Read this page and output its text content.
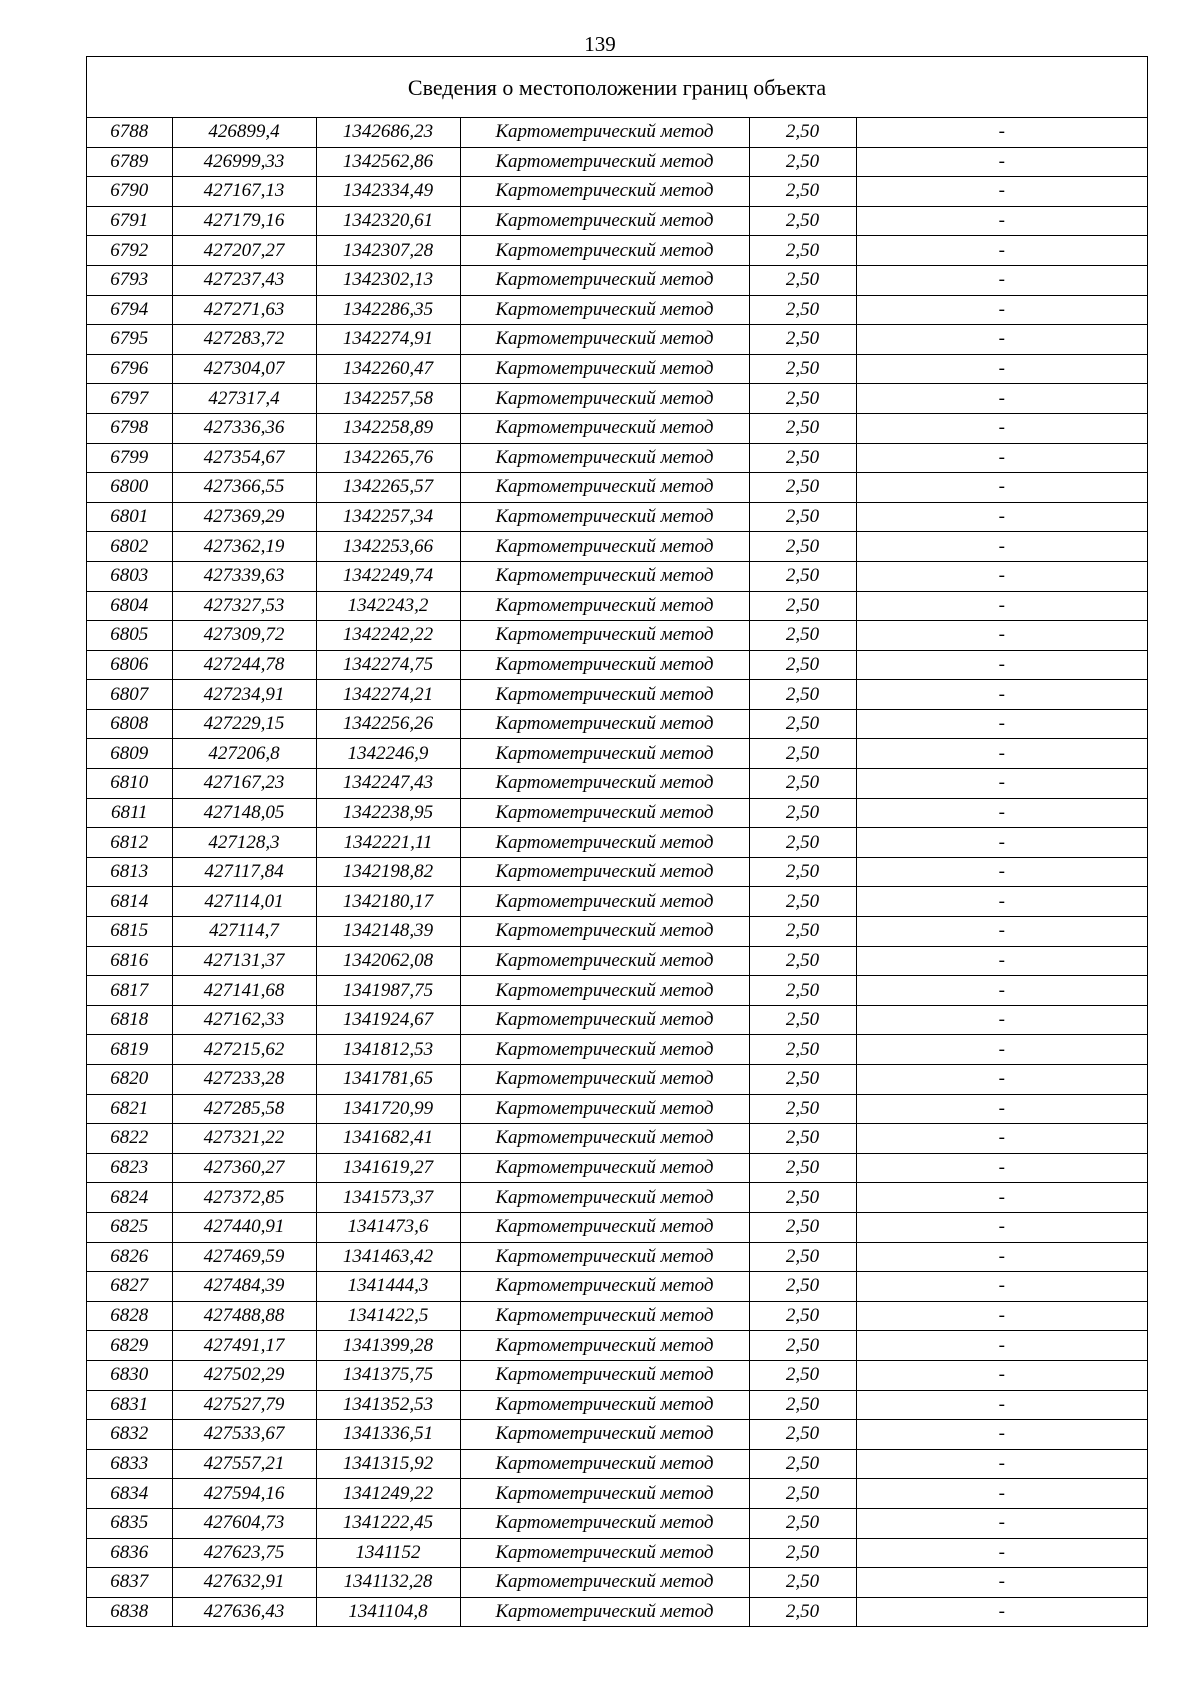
139
Сведения о местоположении границ объекта
6788	426899,4	1342686,23	Картометрический метод	2,50	-
6789	426999,33	1342562,86	Картометрический метод	2,50	-
6790	427167,13	1342334,49	Картометрический метод	2,50	-
6791	427179,16	1342320,61	Картометрический метод	2,50	-
6792	427207,27	1342307,28	Картометрический метод	2,50	-
6793	427237,43	1342302,13	Картометрический метод	2,50	-
6794	427271,63	1342286,35	Картометрический метод	2,50	-
6795	427283,72	1342274,91	Картометрический метод	2,50	-
6796	427304,07	1342260,47	Картометрический метод	2,50	-
6797	427317,4	1342257,58	Картометрический метод	2,50	-
6798	427336,36	1342258,89	Картометрический метод	2,50	-
6799	427354,67	1342265,76	Картометрический метод	2,50	-
6800	427366,55	1342265,57	Картометрический метод	2,50	-
6801	427369,29	1342257,34	Картометрический метод	2,50	-
6802	427362,19	1342253,66	Картометрический метод	2,50	-
6803	427339,63	1342249,74	Картометрический метод	2,50	-
6804	427327,53	1342243,2	Картометрический метод	2,50	-
6805	427309,72	1342242,22	Картометрический метод	2,50	-
6806	427244,78	1342274,75	Картометрический метод	2,50	-
6807	427234,91	1342274,21	Картометрический метод	2,50	-
6808	427229,15	1342256,26	Картометрический метод	2,50	-
6809	427206,8	1342246,9	Картометрический метод	2,50	-
6810	427167,23	1342247,43	Картометрический метод	2,50	-
6811	427148,05	1342238,95	Картометрический метод	2,50	-
6812	427128,3	1342221,11	Картометрический метод	2,50	-
6813	427117,84	1342198,82	Картометрический метод	2,50	-
6814	427114,01	1342180,17	Картометрический метод	2,50	-
6815	427114,7	1342148,39	Картометрический метод	2,50	-
6816	427131,37	1342062,08	Картометрический метод	2,50	-
6817	427141,68	1341987,75	Картометрический метод	2,50	-
6818	427162,33	1341924,67	Картометрический метод	2,50	-
6819	427215,62	1341812,53	Картометрический метод	2,50	-
6820	427233,28	1341781,65	Картометрический метод	2,50	-
6821	427285,58	1341720,99	Картометрический метод	2,50	-
6822	427321,22	1341682,41	Картометрический метод	2,50	-
6823	427360,27	1341619,27	Картометрический метод	2,50	-
6824	427372,85	1341573,37	Картометрический метод	2,50	-
6825	427440,91	1341473,6	Картометрический метод	2,50	-
6826	427469,59	1341463,42	Картометрический метод	2,50	-
6827	427484,39	1341444,3	Картометрический метод	2,50	-
6828	427488,88	1341422,5	Картометрический метод	2,50	-
6829	427491,17	1341399,28	Картометрический метод	2,50	-
6830	427502,29	1341375,75	Картометрический метод	2,50	-
6831	427527,79	1341352,53	Картометрический метод	2,50	-
6832	427533,67	1341336,51	Картометрический метод	2,50	-
6833	427557,21	1341315,92	Картометрический метод	2,50	-
6834	427594,16	1341249,22	Картометрический метод	2,50	-
6835	427604,73	1341222,45	Картометрический метод	2,50	-
6836	427623,75	1341152	Картометрический метод	2,50	-
6837	427632,91	1341132,28	Картометрический метод	2,50	-
6838	427636,43	1341104,8	Картометрический метод	2,50	-
